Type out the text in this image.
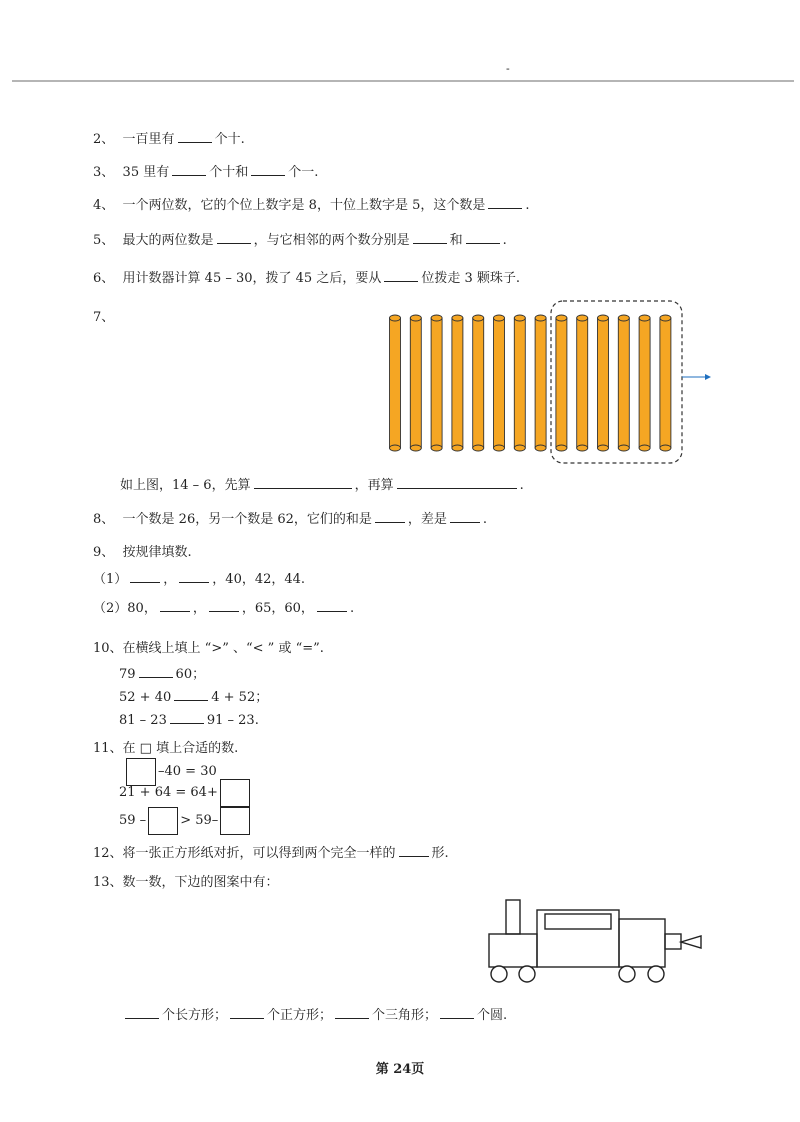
-
2、 一百里有	个十.
3、 35 里有	个十和	个一.
4、 一个两位数，它的个位上数字是 8，十位上数字是 5，这个数是	.
5、 最大的两位数是	，与它相邻的两个数分别是	和	.
6、 用计数器计算 45 – 30，拨了 45 之后，要从	位拨走 3 颗珠子.
7、
如上图，14 – 6，先算	，再算	.
8、 一个数是 26，另一个数是 62，它们的和是	，差是	.
9、 按规律填数.
（1）	，	，40，42，44.
（2）80，	，	，65，60，	.
10、在横线上填上 “>” 、“< ” 或 “=”.
79	60；
52 + 40	4 + 52；
81 – 23	91 – 23.
11、在 □ 填上合适的数.
–40 = 30
21 + 64 = 64+
59 –	> 59–
12、将一张正方形纸对折，可以得到两个完全一样的	形.
13、数一数，下边的图案中有：
个长方形；	个正方形；	个三角形；	个圆.
第 24页
